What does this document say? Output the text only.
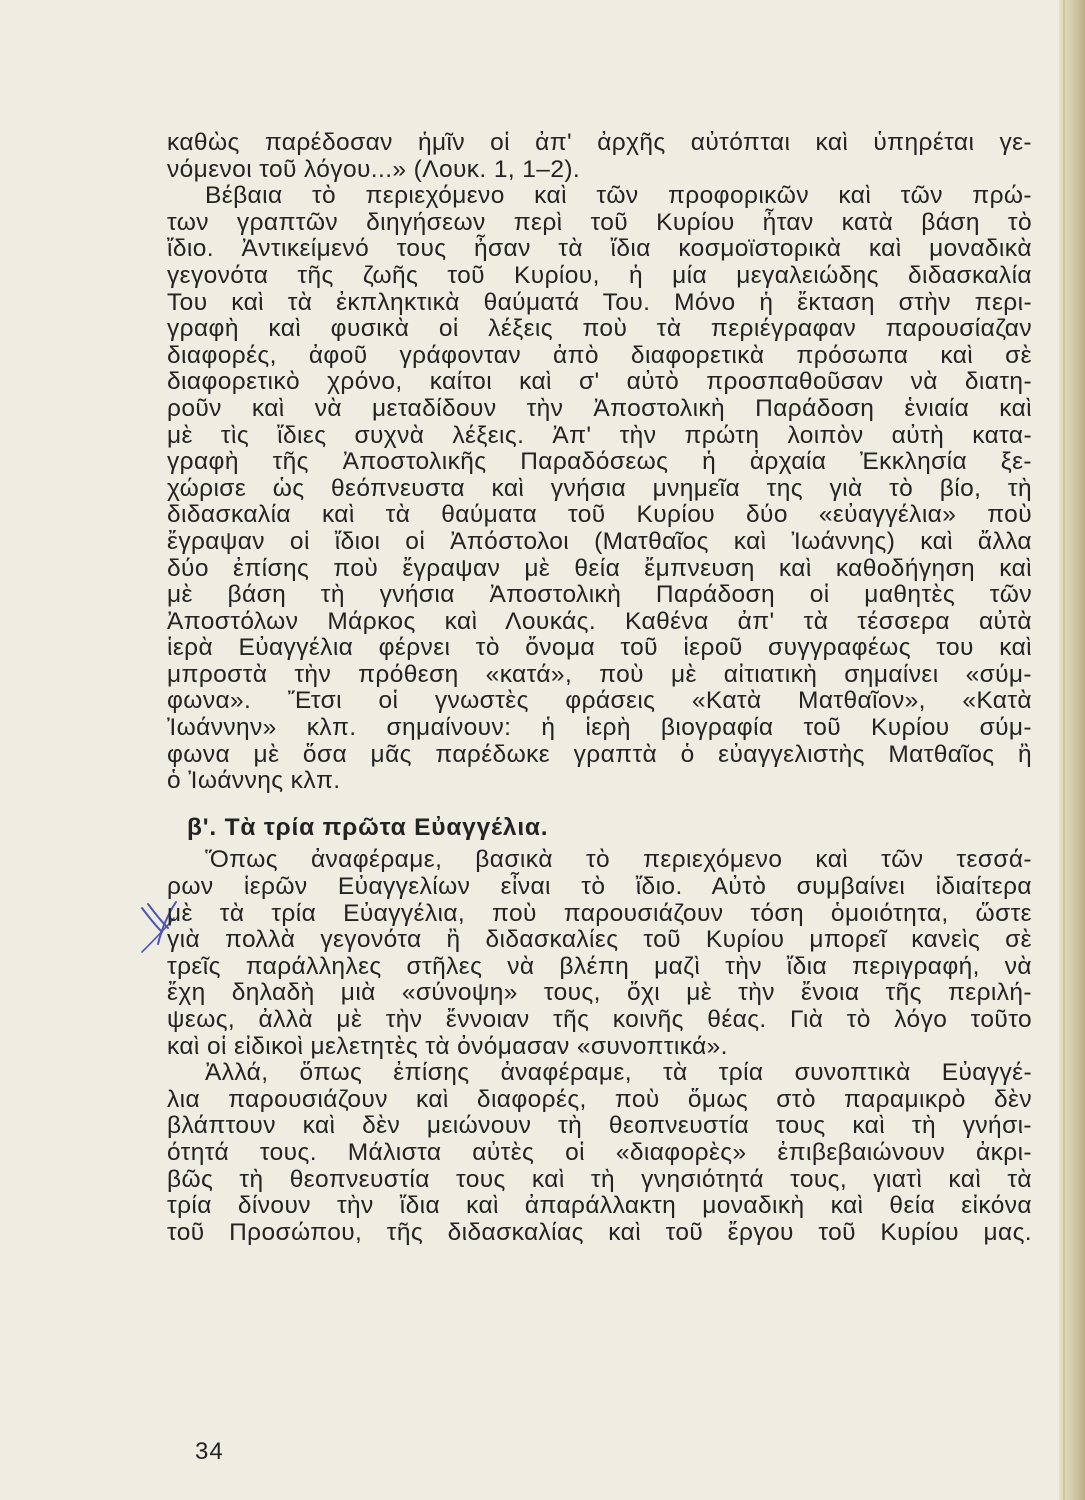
καθὼς παρέδοσαν ἡμῖν οἱ ἀπ' ἀρχῆς αὐτόπται καὶ ὑπηρέται γε-
νόμενοι τοῦ λόγου...» (Λουκ. 1, 1–2).
Βέβαια τὸ περιεχόμενο καὶ τῶν προφορικῶν καὶ τῶν πρώ-
των γραπτῶν διηγήσεων περὶ τοῦ Κυρίου ἦταν κατὰ βάση τὸ
ἴδιο. Ἀντικείμενό τους ἦσαν τὰ ἴδια κοσμοϊστορικὰ καὶ μοναδικὰ
γεγονότα τῆς ζωῆς τοῦ Κυρίου, ἡ μία μεγαλειώδης διδασκαλία
Του καὶ τὰ ἐκπληκτικὰ θαύματά Του. Μόνο ἡ ἔκταση στὴν περι-
γραφὴ καὶ φυσικὰ οἱ λέξεις ποὺ τὰ περιέγραφαν παρουσίαζαν
διαφορές, ἀφοῦ γράφονταν ἀπὸ διαφορετικὰ πρόσωπα καὶ σὲ
διαφορετικὸ χρόνο, καίτοι καὶ σ' αὐτὸ προσπαθοῦσαν νὰ διατη-
ροῦν καὶ νὰ μεταδίδουν τὴν Ἀποστολικὴ Παράδοση ἑνιαία καὶ
μὲ τὶς ἴδιες συχνὰ λέξεις. Ἀπ' τὴν πρώτη λοιπὸν αὐτὴ κατα-
γραφὴ τῆς Ἀποστολικῆς Παραδόσεως ἡ ἀρχαία Ἐκκλησία ξε-
χώρισε ὡς θεόπνευστα καὶ γνήσια μνημεῖα της γιὰ τὸ βίο, τὴ
διδασκαλία καὶ τὰ θαύματα τοῦ Κυρίου δύο «εὐαγγέλια» ποὺ
ἔγραψαν οἱ ἴδιοι οἱ Ἀπόστολοι (Ματθαῖος καὶ Ἰωάννης) καὶ ἄλλα
δύο ἐπίσης ποὺ ἔγραψαν μὲ θεία ἔμπνευση καὶ καθοδήγηση καὶ
μὲ βάση τὴ γνήσια Ἀποστολικὴ Παράδοση οἱ μαθητὲς τῶν
Ἀποστόλων Μάρκος καὶ Λουκάς. Καθένα ἀπ' τὰ τέσσερα αὐτὰ
ἱερὰ Εὐαγγέλια φέρνει τὸ ὄνομα τοῦ ἱεροῦ συγγραφέως του καὶ
μπροστὰ τὴν πρόθεση «κατά», ποὺ μὲ αἰτιατικὴ σημαίνει «σύμ-
φωνα». Ἔτσι οἱ γνωστὲς φράσεις «Κατὰ Ματθαῖον», «Κατὰ
Ἰωάννην» κλπ. σημαίνουν: ἡ ἱερὴ βιογραφία τοῦ Κυρίου σύμ-
φωνα μὲ ὅσα μᾶς παρέδωκε γραπτὰ ὁ εὐαγγελιστὴς Ματθαῖος ἢ
ὁ Ἰωάννης κλπ.
β'. Τὰ τρία πρῶτα Εὐαγγέλια.
Ὅπως ἀναφέραμε, βασικὰ τὸ περιεχόμενο καὶ τῶν τεσσά-
ρων ἱερῶν Εὐαγγελίων εἶναι τὸ ἴδιο. Αὐτὸ συμβαίνει ἰδιαίτερα
μὲ τὰ τρία Εὐαγγέλια, ποὺ παρουσιάζουν τόση ὁμοιότητα, ὥστε
γιὰ πολλὰ γεγονότα ἢ διδασκαλίες τοῦ Κυρίου μπορεῖ κανεὶς σὲ
τρεῖς παράλληλες στῆλες νὰ βλέπη μαζὶ τὴν ἴδια περιγραφή, νὰ
ἔχη δηλαδὴ μιὰ «σύνοψη» τους, ὄχι μὲ τὴν ἔνοια τῆς περιλή-
ψεως, ἀλλὰ μὲ τὴν ἔννοιαν τῆς κοινῆς θέας. Γιὰ τὸ λόγο τοῦτο
καὶ οἱ εἰδικοὶ μελετητὲς τὰ ὀνόμασαν «συνοπτικά».
Ἀλλά, ὅπως ἐπίσης ἀναφέραμε, τὰ τρία συνοπτικὰ Εὐαγγέ-
λια παρουσιάζουν καὶ διαφορές, ποὺ ὅμως στὸ παραμικρὸ δὲν
βλάπτουν καὶ δὲν μειώνουν τὴ θεοπνευστία τους καὶ τὴ γνήσι-
ότητά τους. Μάλιστα αὐτὲς οἱ «διαφορὲς» ἐπιβεβαιώνουν ἀκρι-
βῶς τὴ θεοπνευστία τους καὶ τὴ γνησιότητά τους, γιατὶ καὶ τὰ
τρία δίνουν τὴν ἴδια καὶ ἀπαράλλακτη μοναδικὴ καὶ θεία εἰκόνα
τοῦ Προσώπου, τῆς διδασκαλίας καὶ τοῦ ἔργου τοῦ Κυρίου μας.
34
